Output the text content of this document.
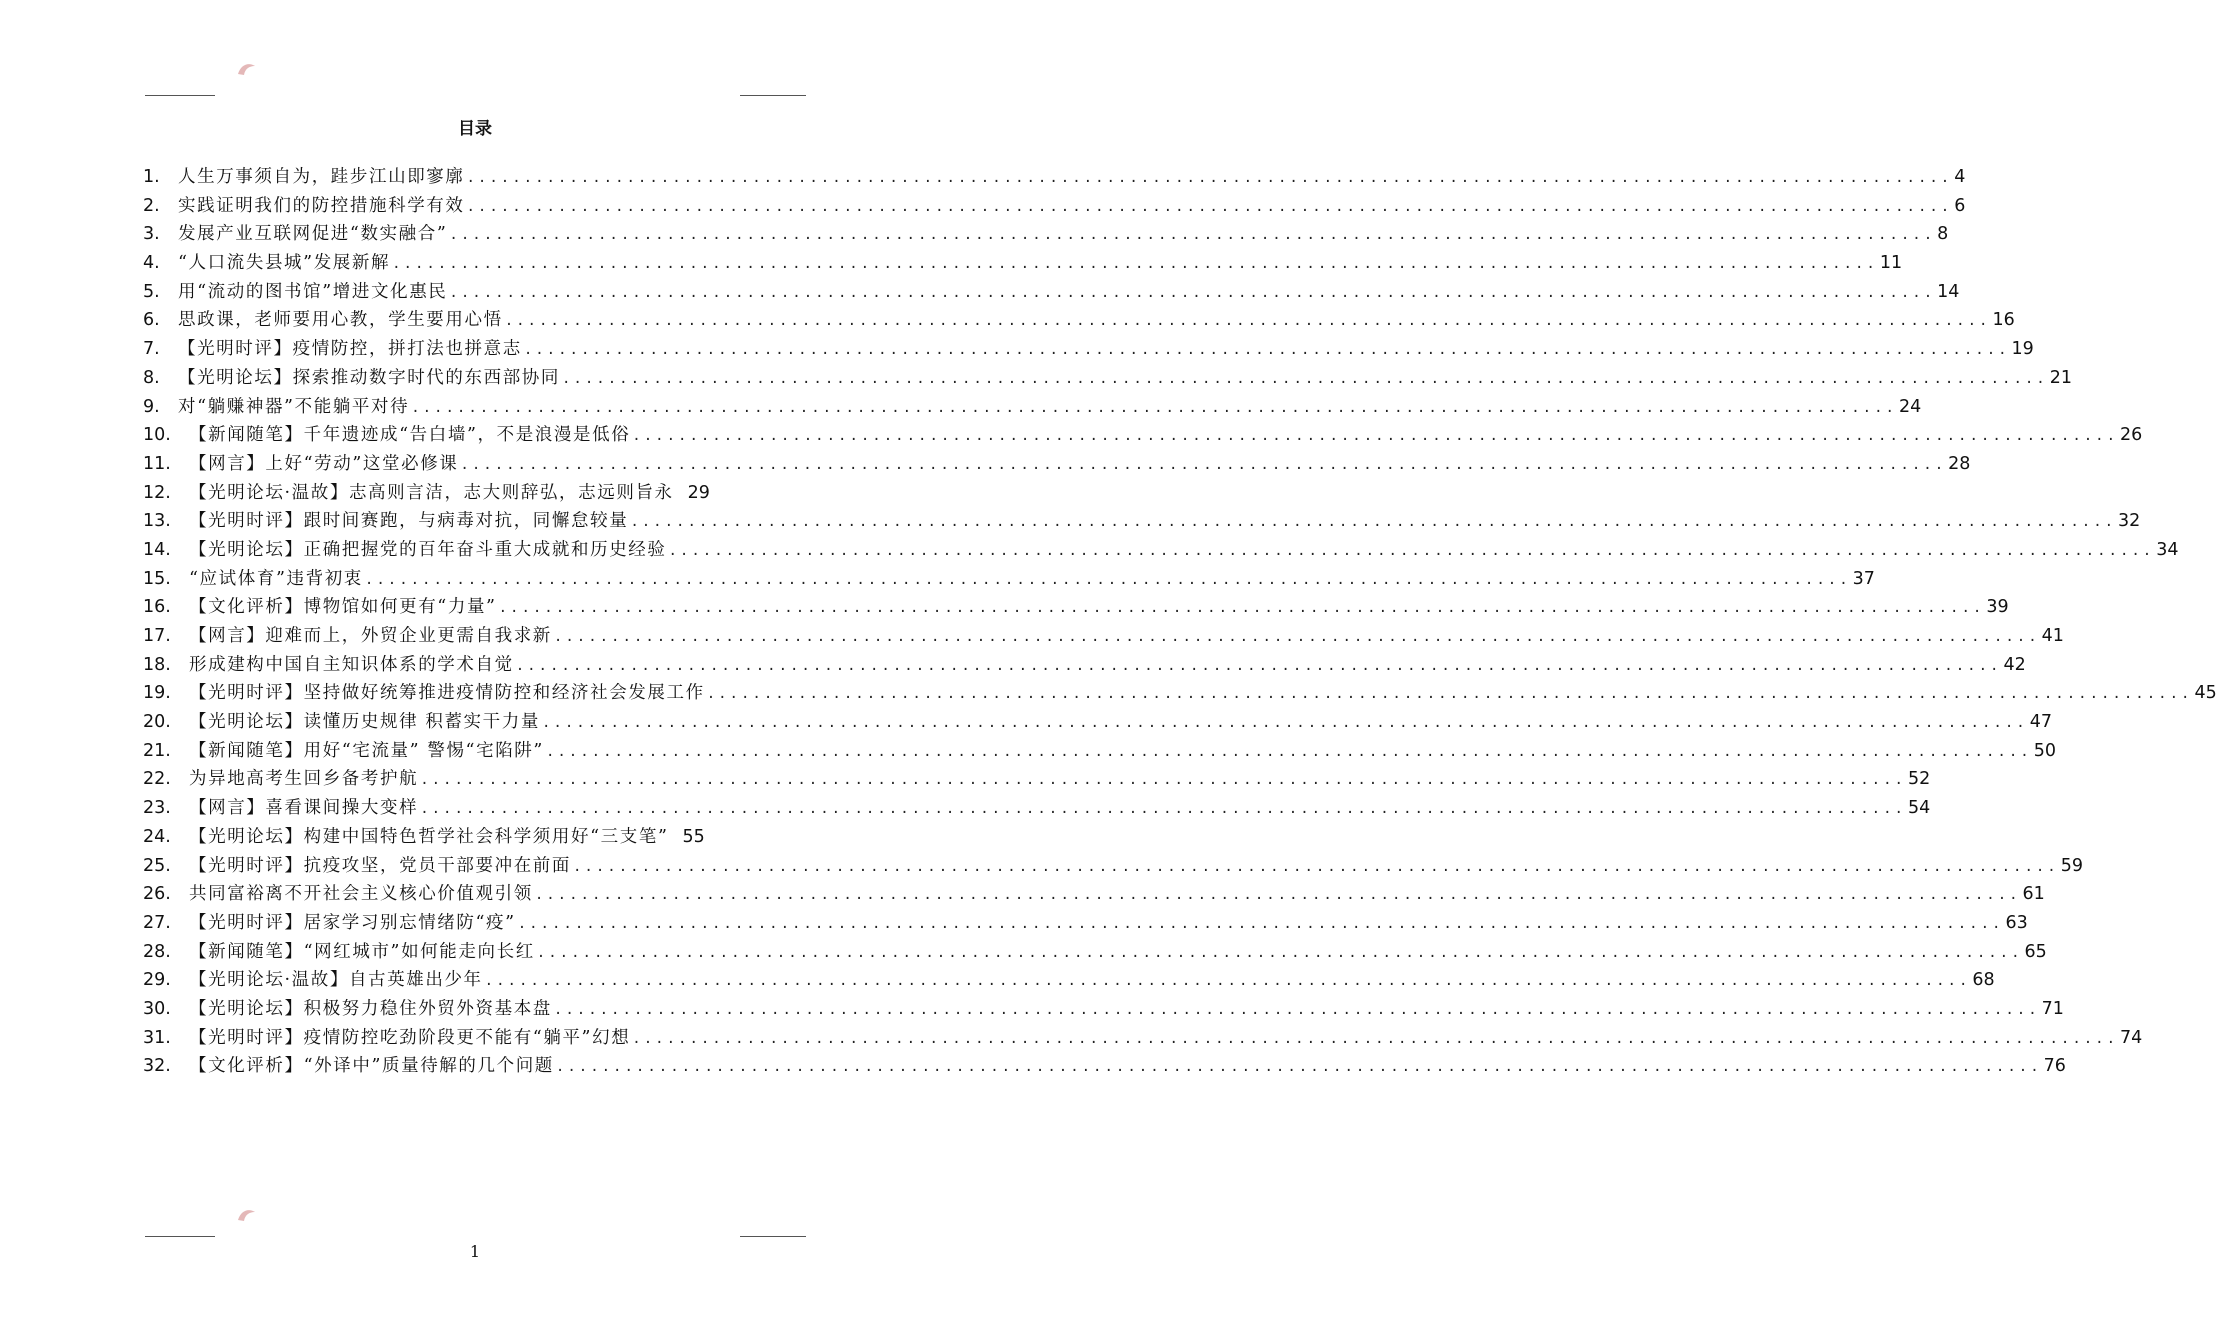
目录
1.	人生万事须自为，跬步江山即寥廓 .....	4
2.	实践证明我们的防控措施科学有效 .....	6
3.	发展产业互联网促进“数实融合” .....	8
4.	“人口流失县城”发展新解 .....	11
5.	用“流动的图书馆”增进文化惠民 .....	14
6.	思政课，老师要用心教，学生要用心悟 .....	16
7.	【光明时评】疫情防控，拼打法也拼意志 .....	19
8.	【光明论坛】探索推动数字时代的东西部协同 .....	21
9.	对“躺赚神器”不能躺平对待 .....	24
10.	【新闻随笔】千年遗迹成“告白墙”，不是浪漫是低俗 .....	26
11.	【网言】上好“劳动”这堂必修课 .....	28
12.	【光明论坛·温故】志高则言洁，志大则辞弘，志远则旨永 29
13.	【光明时评】跟时间赛跑，与病毒对抗，同懈怠较量 .....	32
14.	【光明论坛】正确把握党的百年奋斗重大成就和历史经验 .....	34
15.	“应试体育”违背初衷 .....	37
16.	【文化评析】博物馆如何更有“力量” .....	39
17.	【网言】迎难而上，外贸企业更需自我求新 .....	41
18.	形成建构中国自主知识体系的学术自觉 .....	42
19.	【光明时评】坚持做好统筹推进疫情防控和经济社会发展工作 .....	45
20.	【光明论坛】读懂历史规律 积蓄实干力量 .....	47
21.	【新闻随笔】用好“宅流量” 警惕“宅陷阱” .....	50
22.	为异地高考生回乡备考护航 .....	52
23.	【网言】喜看课间操大变样 .....	54
24.	【光明论坛】构建中国特色哲学社会科学须用好“三支笔” 55
25.	【光明时评】抗疫攻坚，党员干部要冲在前面 .....	59
26.	共同富裕离不开社会主义核心价值观引领 .....	61
27.	【光明时评】居家学习别忘情绪防“疫” .....	63
28.	【新闻随笔】“网红城市”如何能走向长红 .....	65
29.	【光明论坛·温故】自古英雄出少年 .....	68
30.	【光明论坛】积极努力稳住外贸外资基本盘 .....	71
31.	【光明时评】疫情防控吃劲阶段更不能有“躺平”幻想 .....	74
32.	【文化评析】“外译中”质量待解的几个问题 .....	76
1
